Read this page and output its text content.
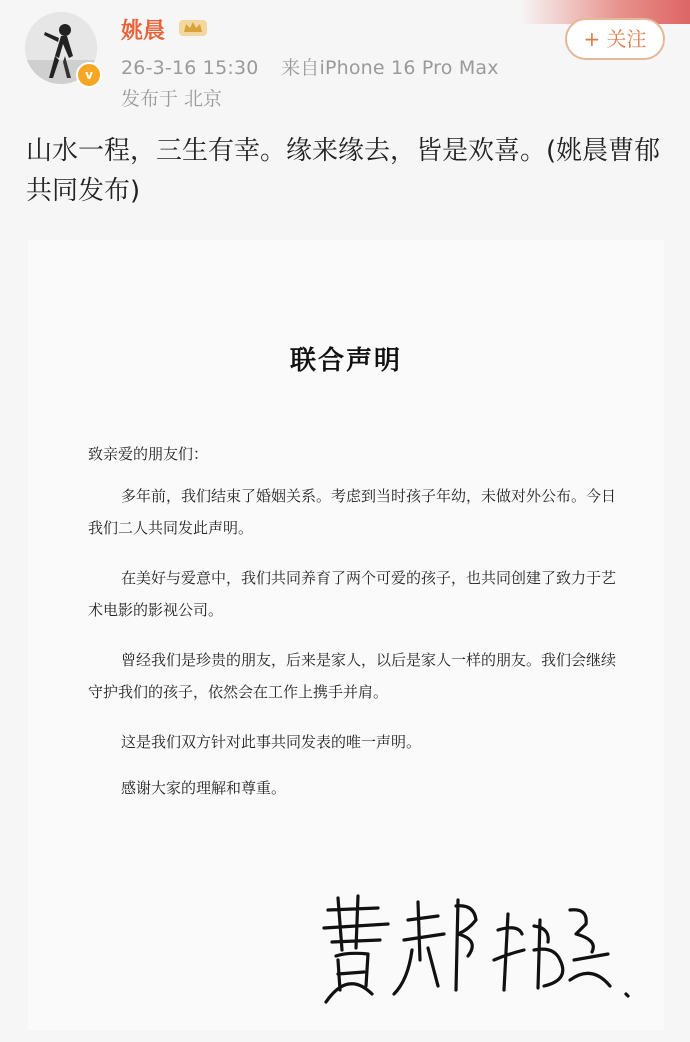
v
姚晨
26-3-16 15:30 来自iPhone 16 Pro Max
发布于 北京
+ 关注
山水一程，三生有幸。缘来缘去，皆是欢喜。(姚晨曹郁共同发布)
联合声明
致亲爱的朋友们：

多年前，我们结束了婚姻关系。考虑到当时孩子年幼，未做对外公布。今日我们二人共同发此声明。

在美好与爱意中，我们共同养育了两个可爱的孩子，也共同创建了致力于艺术电影的影视公司。

曾经我们是珍贵的朋友，后来是家人，以后是家人一样的朋友。我们会继续守护我们的孩子，依然会在工作上携手并肩。

这是我们双方针对此事共同发表的唯一声明。

感谢大家的理解和尊重。
